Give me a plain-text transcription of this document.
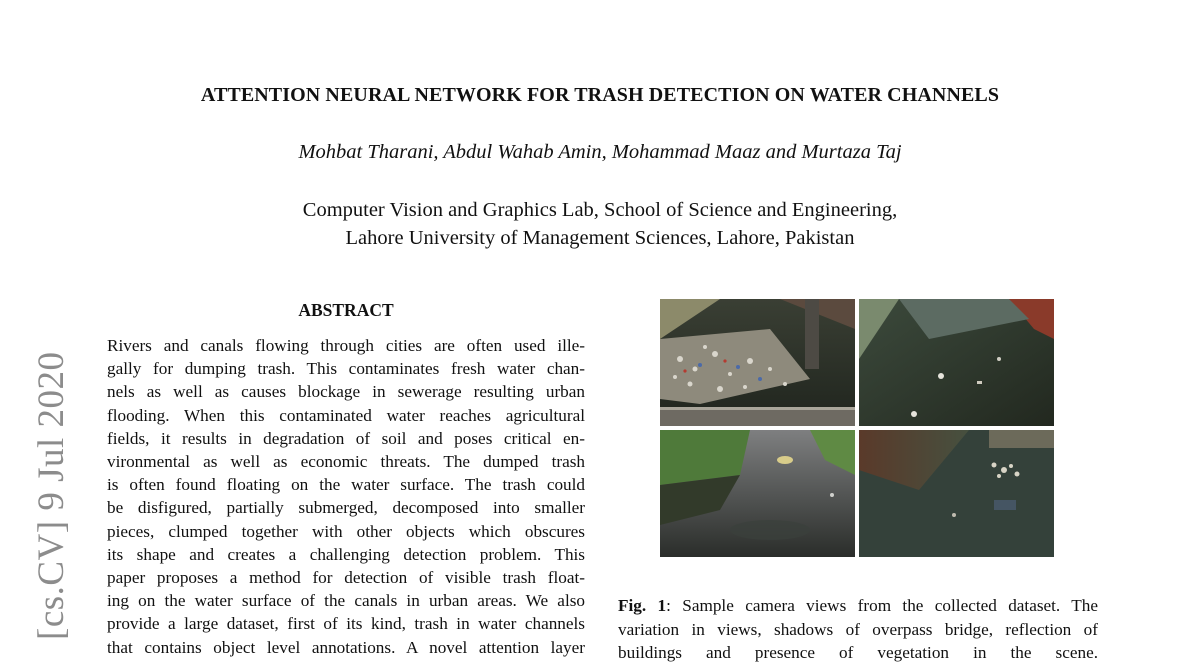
ATTENTION NEURAL NETWORK FOR TRASH DETECTION ON WATER CHANNELS
Mohbat Tharani, Abdul Wahab Amin, Mohammad Maaz and Murtaza Taj
Computer Vision and Graphics Lab, School of Science and Engineering,
Lahore University of Management Sciences, Lahore, Pakistan
[cs.CV] 9 Jul 2020
ABSTRACT
Rivers and canals flowing through cities are often used ille-
gally for dumping trash. This contaminates fresh water chan-
nels as well as causes blockage in sewerage resulting urban
flooding. When this contaminated water reaches agricultural
fields, it results in degradation of soil and poses critical en-
vironmental as well as economic threats. The dumped trash
is often found floating on the water surface. The trash could
be disfigured, partially submerged, decomposed into smaller
pieces, clumped together with other objects which obscures
its shape and creates a challenging detection problem. This
paper proposes a method for detection of visible trash float-
ing on the water surface of the canals in urban areas. We also
provide a large dataset, first of its kind, trash in water channels
that contains object level annotations. A novel attention layer
Fig. 1: Sample camera views from the collected dataset. The
variation in views, shadows of overpass bridge, reflection of
buildings and presence of vegetation in the scene.
